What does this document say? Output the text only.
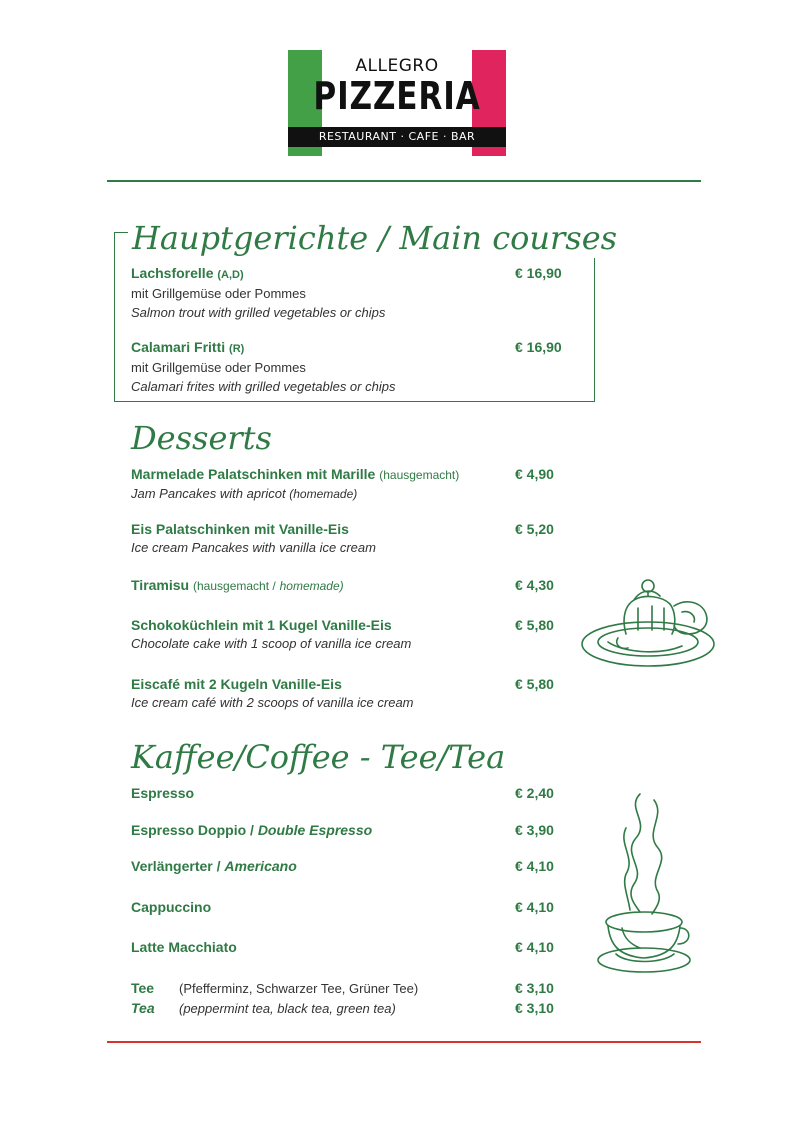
ALLEGRO
PIZZERIA
RESTAURANT · CAFE · BAR
Hauptgerichte / Main courses
Lachsforelle (A,D)
mit Grillgemüse oder Pommes
Salmon trout with grilled vegetables or chips
€ 16,90
Calamari Fritti (R)
mit Grillgemüse oder Pommes
Calamari frites with grilled vegetables or chips
€ 16,90
Desserts
Marmelade Palatschinken mit Marille (hausgemacht)
Jam Pancakes with apricot (homemade)
€ 4,90
Eis Palatschinken mit Vanille-Eis
Ice cream Pancakes with vanilla ice cream
€ 5,20
Tiramisu (hausgemacht / homemade)	€ 4,30
Schokoküchlein mit 1 Kugel Vanille-Eis
Chocolate cake with 1 scoop of vanilla ice cream
€ 5,80
Eiscafé mit 2 Kugeln Vanille-Eis
Ice cream café with 2 scoops of vanilla ice cream
€ 5,80
Kaffee/Coffee - Tee/Tea
Espresso	€ 2,40
Espresso Doppio / Double Espresso	€ 3,90
Verlängerter / Americano	€ 4,10
Cappuccino	€ 4,10
Latte Macchiato	€ 4,10
Tee (Pfefferminz, Schwarzer Tee, Grüner Tee)	€ 3,10
Tea (peppermint tea, black tea, green tea)	€ 3,10
